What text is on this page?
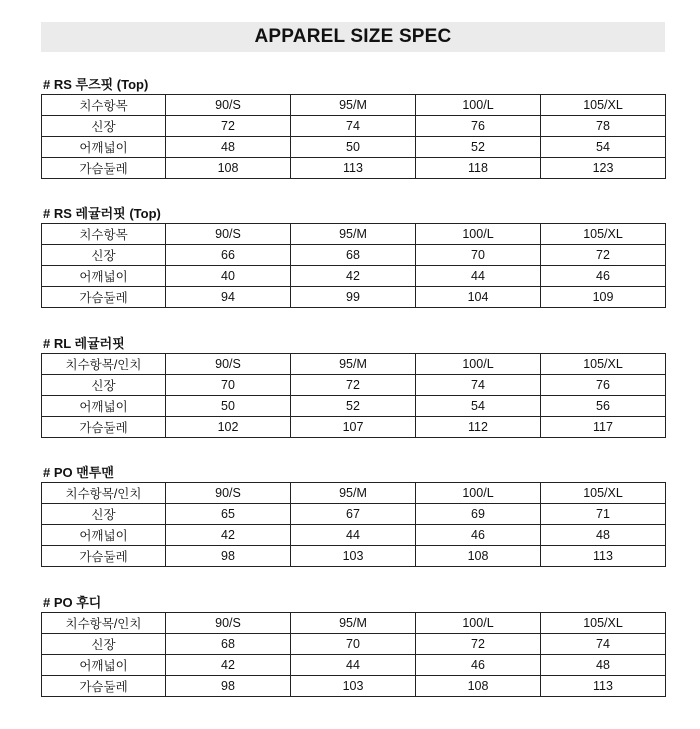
APPAREL SIZE SPEC
# RS 루즈핏 (Top)
치수항목	90/S	95/M	100/L	105/XL
신장	72	74	76	78
어깨넓이	48	50	52	54
가슴둘레	108	113	118	123
# RS 레귤러핏 (Top)
치수항목	90/S	95/M	100/L	105/XL
신장	66	68	70	72
어깨넓이	40	42	44	46
가슴둘레	94	99	104	109
# RL 레귤러핏
치수항목/인치	90/S	95/M	100/L	105/XL
신장	70	72	74	76
어깨넓이	50	52	54	56
가슴둘레	102	107	112	117
# PO 맨투맨
치수항목/인치	90/S	95/M	100/L	105/XL
신장	65	67	69	71
어깨넓이	42	44	46	48
가슴둘레	98	103	108	113
# PO 후디
치수항목/인치	90/S	95/M	100/L	105/XL
신장	68	70	72	74
어깨넓이	42	44	46	48
가슴둘레	98	103	108	113
